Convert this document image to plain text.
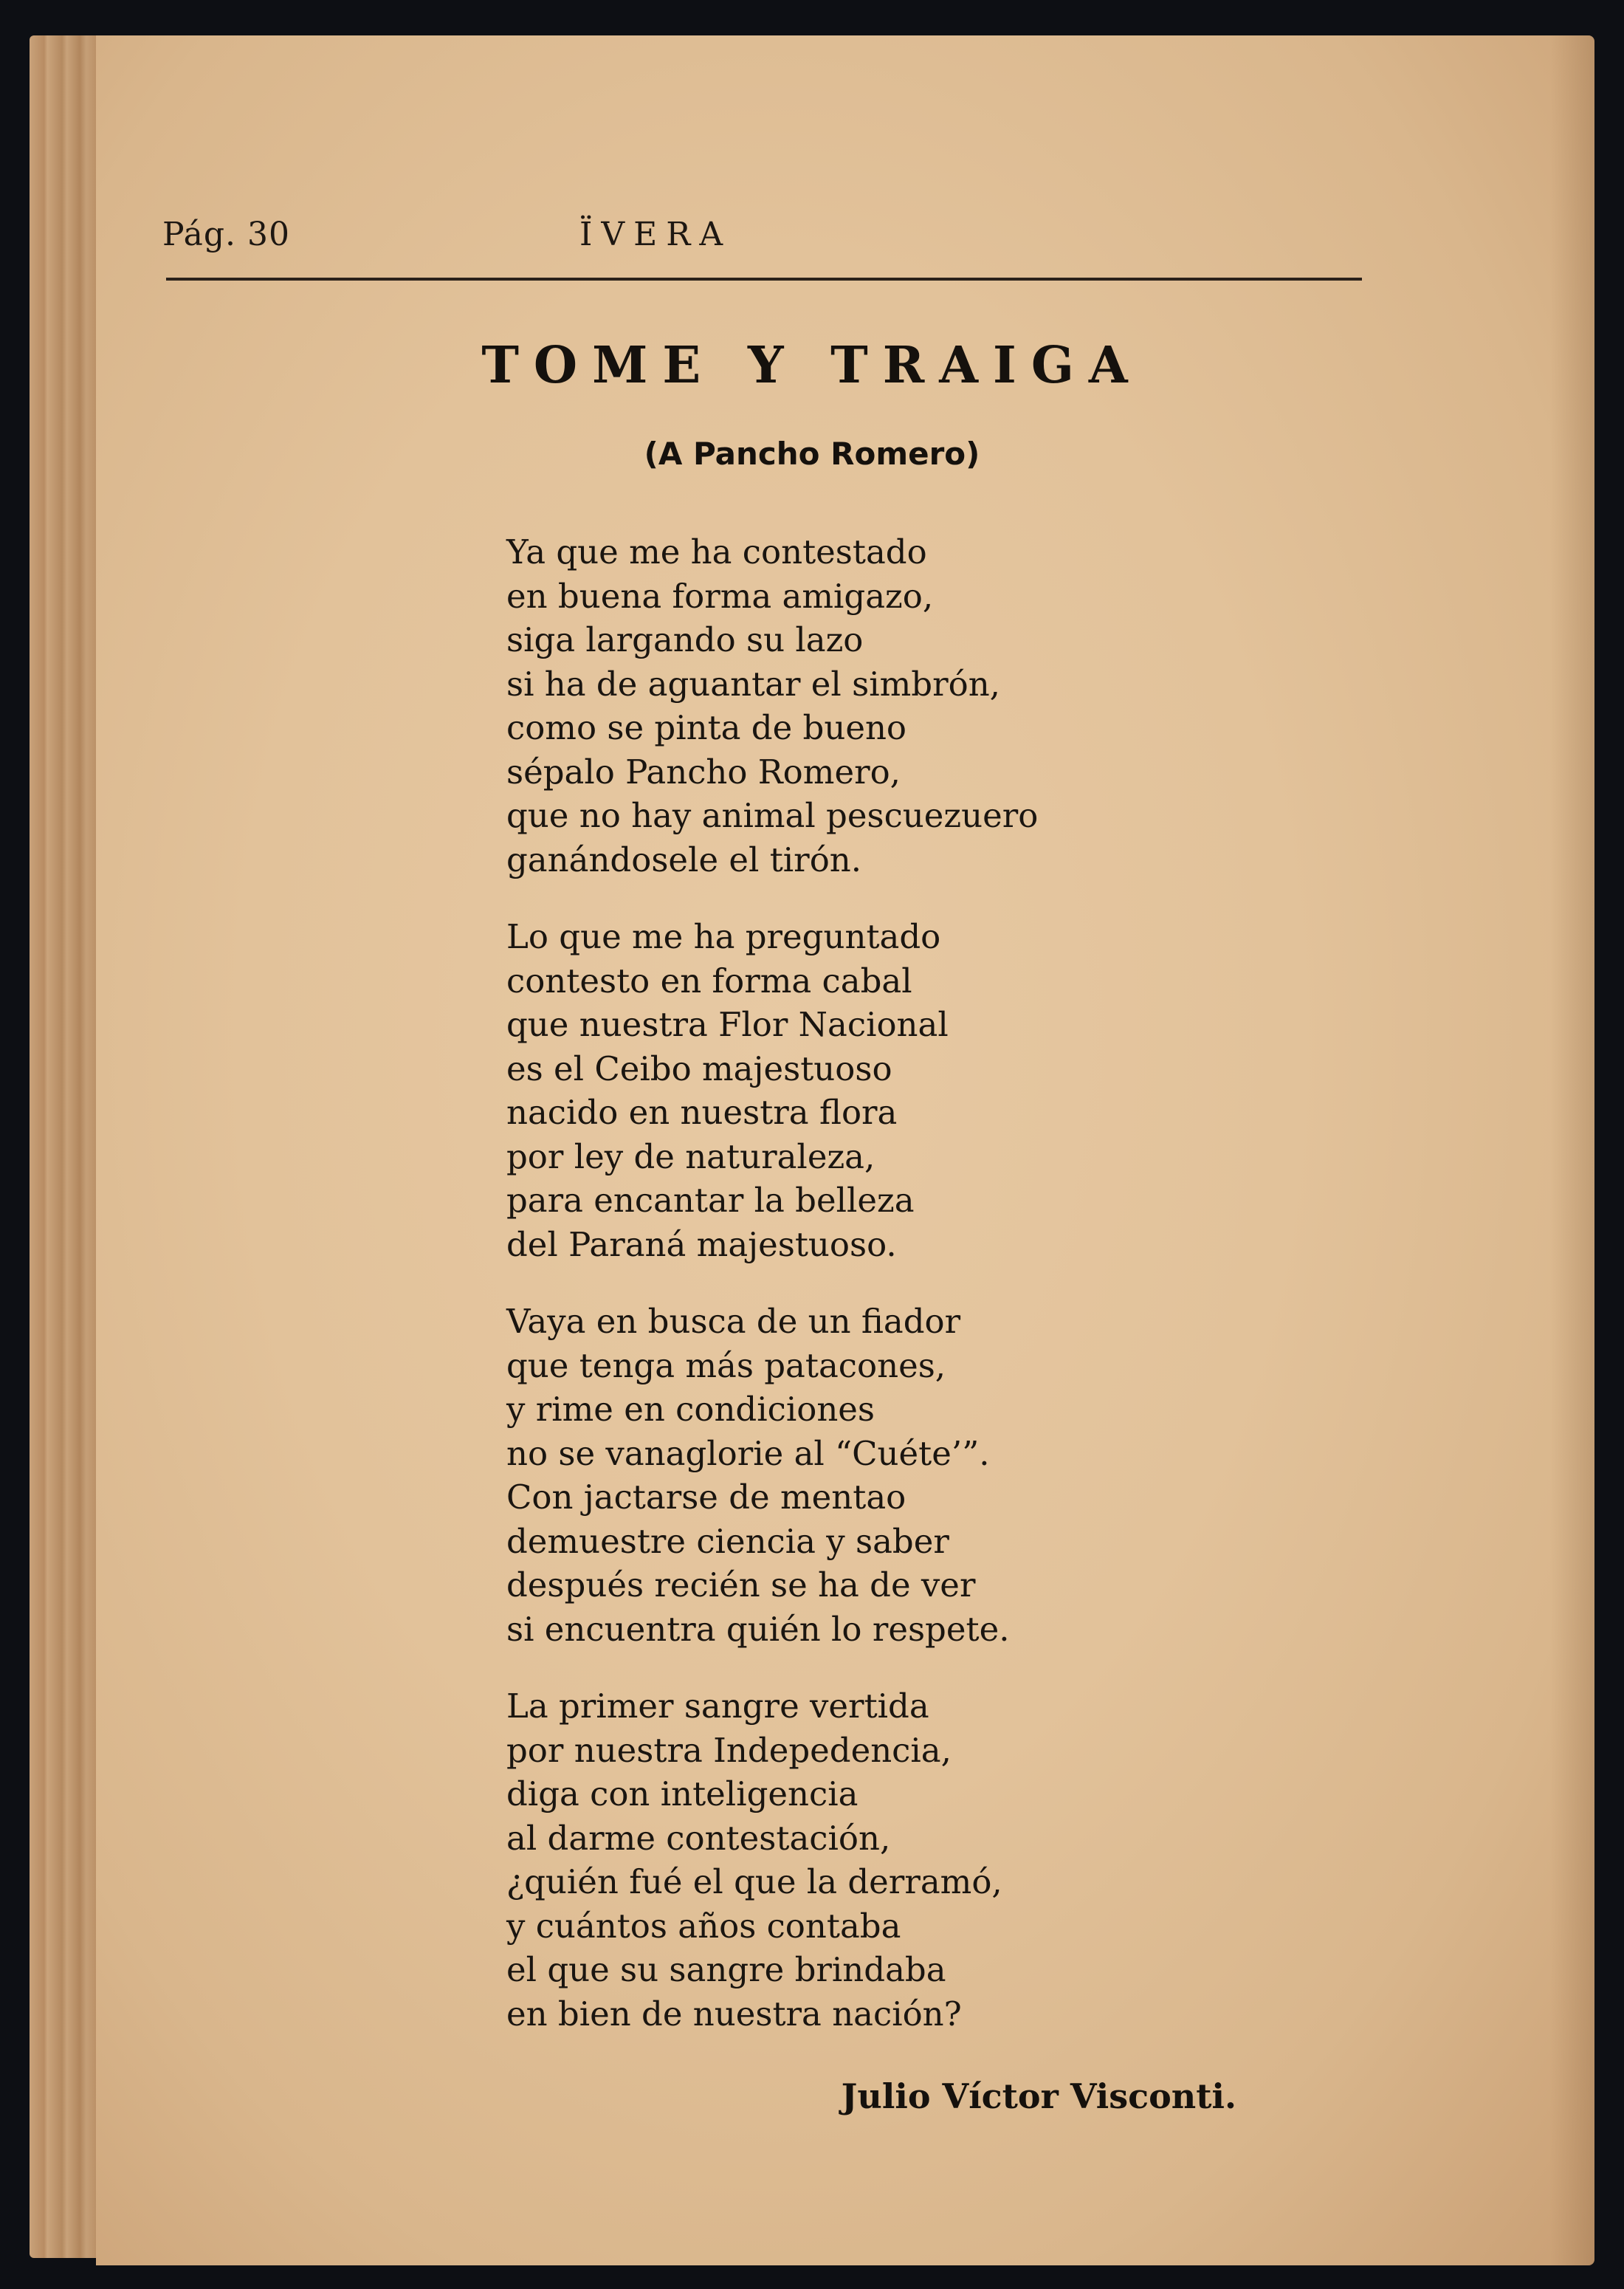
Pág. 30	ÏVERA
TOME Y TRAIGA
(A Pancho Romero)
Ya que me ha contestado
en buena forma amigazo,
siga largando su lazo
si ha de aguantar el simbrón,
como se pinta de bueno
sépalo Pancho Romero,
que no hay animal pescuezuero
ganándosele el tirón.
Lo que me ha preguntado
contesto en forma cabal
que nuestra Flor Nacional
es el Ceibo majestuoso
nacido en nuestra flora
por ley de naturaleza,
para encantar la belleza
del Paraná majestuoso.
Vaya en busca de un fiador
que tenga más patacones,
y rime en condiciones
no se vanaglorie al “Cuéte’”.
Con jactarse de mentao
demuestre ciencia y saber
después recién se ha de ver
si encuentra quién lo respete.
La primer sangre vertida
por nuestra Indepedencia,
diga con inteligencia
al darme contestación,
¿quién fué el que la derramó,
y cuántos años contaba
el que su sangre brindaba
en bien de nuestra nación?
Julio Víctor Visconti.
